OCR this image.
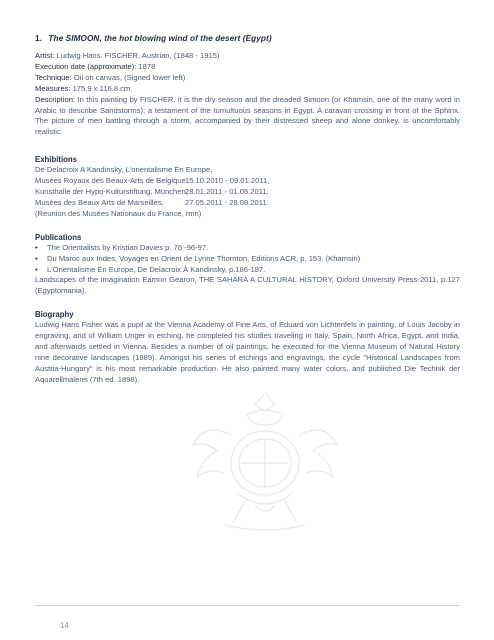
1. The SIMOON, the hot blowing wind of the desert (Egypt)
Artist: Ludwig Hans. FISCHER, Austrian, (1848 - 1915)
Execution date (approximate): 1878
Technique: Oil on canvas, (Signed lower left)
Measures: 175.9 x 116.8 cm.
Description: In this painting by FISCHER, it is the dry season and the dreaded Simoon (or Khamsin, one of the many word in Arabic to describe Sandstorms); a testament of the tumultuous seasons in Egypt. A caravan crossing in front of the Sphinx. The picture of men battling through a storm, accompanied by their distressed sheep and alone donkey, is uncomfortably realistic.
Exhibitions
De Delacroix A Kandinsky, L'orientalisme En Europe,
Musées Royaux des Beaux-Arts de Belgique 15.10.2010 - 09.01.2011,
Kunsthalle der Hypo-Kulturstiftung, München,
28.01.2011 - 01.05.2011,
Musées des Beaux Arts de Marseilles,	27.05.2011 - 28.08.2011.
(Reunion des Musées Nationaux du France, rmn)
Publications
• The Orientalists by Kristian Davies p. 76 -96-97.
• Du Maroc aux Indes, Voyages en Orient de Lynne Thornton, Editions ACR, p. 153. (Khamsin)
• L'Orientalisme En Europe, De Delacroix À Kandinsky, p.186-187.
Landscapes of the imagination Eamon Gearon, THE SAHARA A CULTURAL HISTORY, Oxford University Press-2011, p.127 (Egyptomania).
Biography
Ludwig Hans Fisher was a pupil at the Vienna Academy of Fine Arts, of Eduard von Lichtenfels in painting, of Louis Jacoby in engraving, and of William Unger in etching, he completed his studies traveling in Italy, Spain, North Africa, Egypt, and India, and afterwards settled in Vienna. Besides a number of oil paintings, he executed for the Vienna Museum of Natural History nine decorative landscapes (1889). Amongst his series of etchings and engravings, the cycle "Historical Landscapes from Austria-Hungary" is his most remarkable production. He also painted many water colors, and published Die Technik der Aquarellmalerei (7th ed. 1898).
14
